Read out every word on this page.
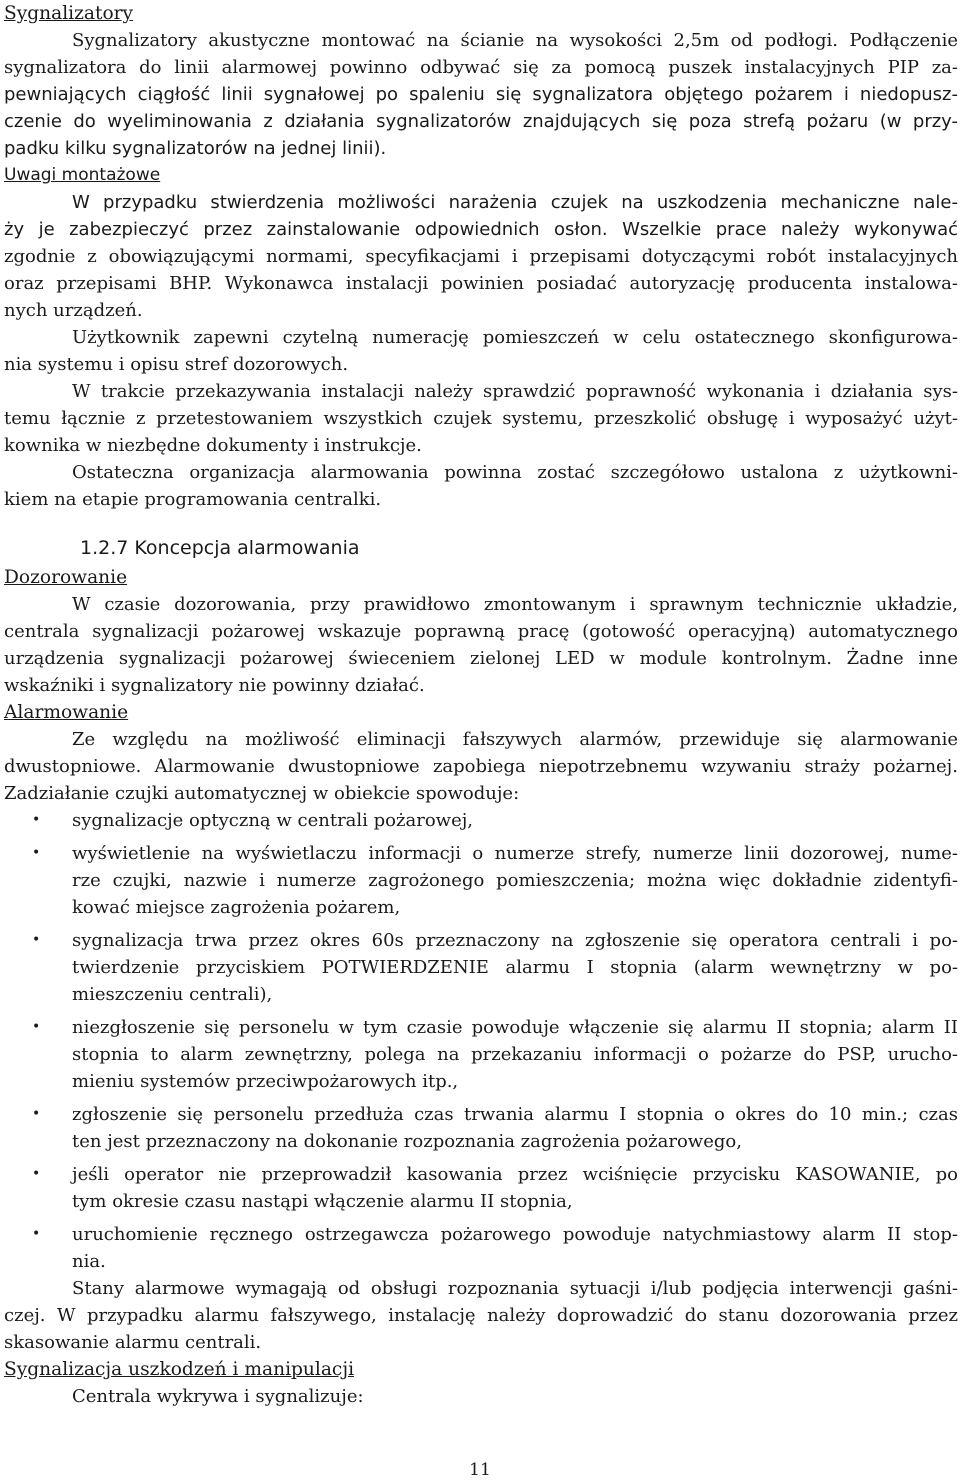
Sygnalizatory
Sygnalizatory akustyczne montować na ścianie na wysokości 2,5m od podłogi. Podłączenie
sygnalizatora do linii alarmowej powinno odbywać się za pomocą puszek instalacyjnych PIP za-
pewniających ciągłość linii sygnałowej po spaleniu się sygnalizatora objętego pożarem i niedopusz-
czenie do wyeliminowania z działania sygnalizatorów znajdujących się poza strefą pożaru (w przy-
padku kilku sygnalizatorów na jednej linii).
Uwagi montażowe
W przypadku stwierdzenia możliwości narażenia czujek na uszkodzenia mechaniczne nale-
ży je zabezpieczyć przez zainstalowanie odpowiednich osłon. Wszelkie prace należy wykonywać
zgodnie z obowiązującymi normami, specyfikacjami i przepisami dotyczącymi robót instalacyjnych
oraz przepisami BHP. Wykonawca instalacji powinien posiadać autoryzację producenta instalowa-
nych urządzeń.
Użytkownik zapewni czytelną numerację pomieszczeń w celu ostatecznego skonfigurowa-
nia systemu i opisu stref dozorowych.
W trakcie przekazywania instalacji należy sprawdzić poprawność wykonania i działania sys-
temu łącznie z przetestowaniem wszystkich czujek systemu, przeszkolić obsługę i wyposażyć użyt-
kownika w niezbędne dokumenty i instrukcje.
Ostateczna organizacja alarmowania powinna zostać szczegółowo ustalona z użytkowni-
kiem na etapie programowania centralki.
1.2.7 Koncepcja alarmowania
Dozorowanie
W czasie dozorowania, przy prawidłowo zmontowanym i sprawnym technicznie układzie,
centrala sygnalizacji pożarowej wskazuje poprawną pracę (gotowość operacyjną) automatycznego
urządzenia sygnalizacji pożarowej świeceniem zielonej LED w module kontrolnym. Żadne inne
wskaźniki i sygnalizatory nie powinny działać.
Alarmowanie
Ze względu na możliwość eliminacji fałszywych alarmów, przewiduje się alarmowanie
dwustopniowe. Alarmowanie dwustopniowe zapobiega niepotrzebnemu wzywaniu straży pożarnej.
Zadziałanie czujki automatycznej w obiekcie spowoduje:
• sygnalizacje optyczną w centrali pożarowej,
• wyświetlenie na wyświetlaczu informacji o numerze strefy, numerze linii dozorowej, nume-
rze czujki, nazwie i numerze zagrożonego pomieszczenia; można więc dokładnie zidentyfi-
kować miejsce zagrożenia pożarem,
• sygnalizacja trwa przez okres 60s przeznaczony na zgłoszenie się operatora centrali i po-
twierdzenie przyciskiem POTWIERDZENIE alarmu I stopnia (alarm wewnętrzny w po-
mieszczeniu centrali),
• niezgłoszenie się personelu w tym czasie powoduje włączenie się alarmu II stopnia; alarm II
stopnia to alarm zewnętrzny, polega na przekazaniu informacji o pożarze do PSP, urucho-
mieniu systemów przeciwpożarowych itp.,
• zgłoszenie się personelu przedłuża czas trwania alarmu I stopnia o okres do 10 min.; czas
ten jest przeznaczony na dokonanie rozpoznania zagrożenia pożarowego,
• jeśli operator nie przeprowadził kasowania przez wciśnięcie przycisku KASOWANIE, po
tym okresie czasu nastąpi włączenie alarmu II stopnia,
• uruchomienie ręcznego ostrzegawcza pożarowego powoduje natychmiastowy alarm II stop-
nia.
Stany alarmowe wymagają od obsługi rozpoznania sytuacji i/lub podjęcia interwencji gaśni-
czej. W przypadku alarmu fałszywego, instalację należy doprowadzić do stanu dozorowania przez
skasowanie alarmu centrali.
Sygnalizacja uszkodzeń i manipulacji
Centrala wykrywa i sygnalizuje:
11
